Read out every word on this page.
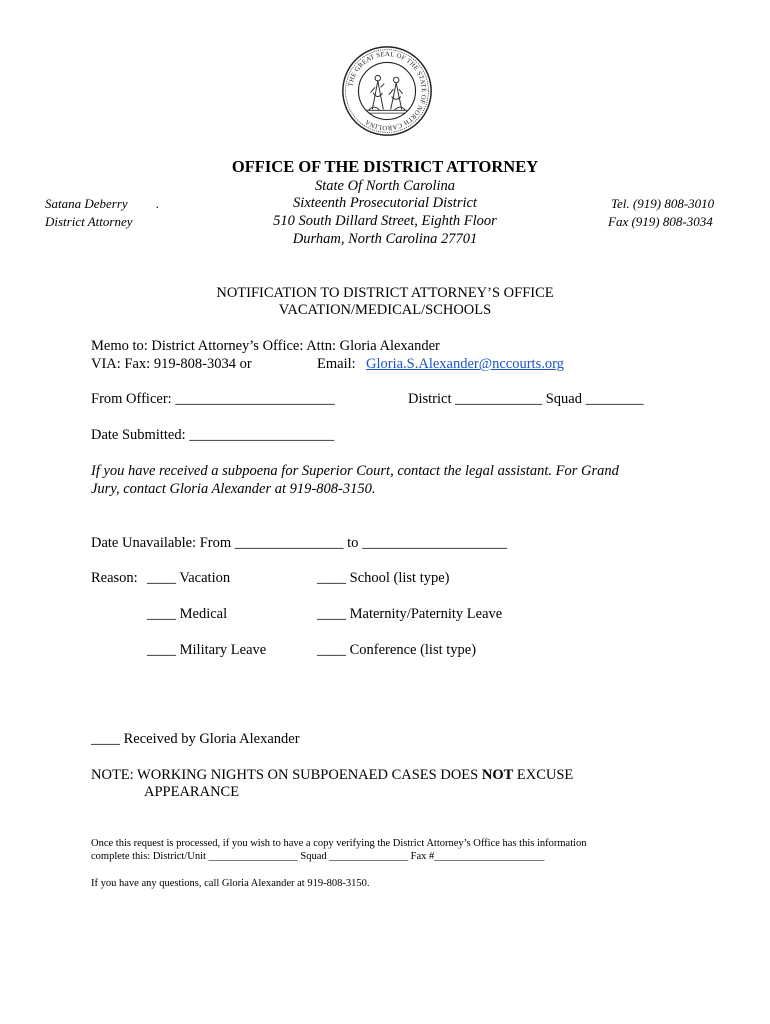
THE GREAT SEAL OF THE STATE OF NORTH CAROLINA
OFFICE OF THE DISTRICT ATTORNEY
State Of North Carolina
Sixteenth Prosecutorial District
510 South Dillard Street, Eighth Floor
Durham, North Carolina 27701
Satana Deberry .
District Attorney
Tel. (919) 808-3010
Fax (919) 808-3034
NOTIFICATION TO DISTRICT ATTORNEY’S OFFICE
VACATION/MEDICAL/SCHOOLS
Memo to: District Attorney’s Office: Attn: Gloria Alexander
VIA: Fax: 919-808-3034 or	Email: Gloria.S.Alexander@nccourts.org
From Officer: ______________________	District ____________ Squad ________
Date Submitted: ____________________
If you have received a subpoena for Superior Court, contact the legal assistant. For Grand
Jury, contact Gloria Alexander at 919-808-3150.
Date Unavailable: From _______________ to ____________________
Reason: ____ Vacation	____ School (list type)
____ Medical	____ Maternity/Paternity Leave
____ Military Leave	____ Conference (list type)
____ Received by Gloria Alexander
NOTE: WORKING NIGHTS ON SUBPOENAED CASES DOES NOT EXCUSE
APPEARANCE
Once this request is processed, if you wish to have a copy verifying the District Attorney’s Office has this information
complete this: District/Unit _________________ Squad _______________ Fax #_____________________
If you have any questions, call Gloria Alexander at 919-808-3150.
